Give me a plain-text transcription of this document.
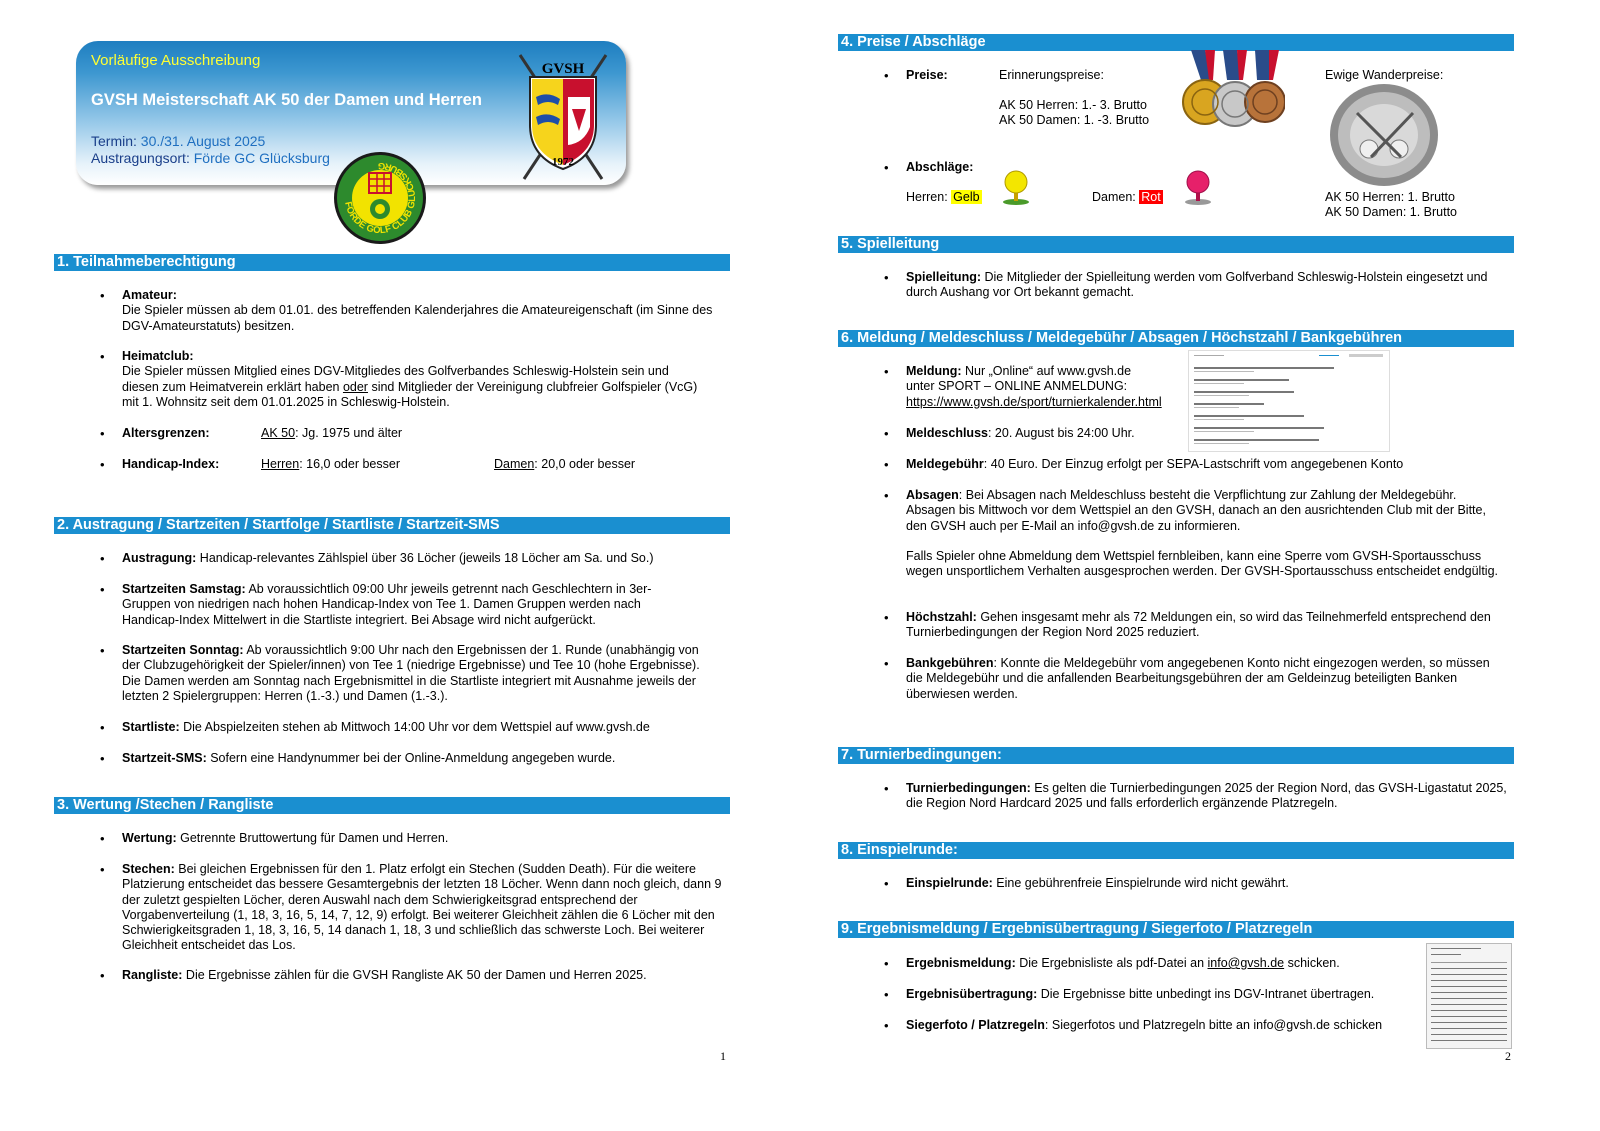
Vorläufige Ausschreibung
GVSH Meisterschaft AK 50 der Damen und Herren
Termin: 30./31. August 2025
Austragungsort: Förde GC Glücksburg
GVSH
1972
FÖRDE GOLF CLUB GLÜCKSBURG
1. Teilnahmeberechtigung
• Amateur:
Die Spieler müssen ab dem 01.01. des betreffenden Kalenderjahres die Amateureigenschaft (im Sinne des DGV-Amateurstatuts) besitzen.
• Heimatclub:
Die Spieler müssen Mitglied eines DGV-Mitgliedes des Golfverbandes Schleswig-Holstein sein und diesen zum Heimatverein erklärt haben oder sind Mitglieder der Vereinigung clubfreier Golfspieler (VcG) mit 1. Wohnsitz seit dem 01.01.2025 in Schleswig-Holstein.
• Altersgrenzen:	AK 50: Jg. 1975 und älter
• Handicap-Index:	Herren: 16,0 oder besser	Damen: 20,0 oder besser
2. Austragung / Startzeiten / Startfolge / Startliste / Startzeit-SMS
• Austragung: Handicap-relevantes Zählspiel über 36 Löcher (jeweils 18 Löcher am Sa. und So.)
• Startzeiten Samstag: Ab voraussichtlich 09:00 Uhr jeweils getrennt nach Geschlechtern in 3er-Gruppen von niedrigen nach hohen Handicap-Index von Tee 1. Damen Gruppen werden nach Handicap-Index Mittelwert in die Startliste integriert. Bei Absage wird nicht aufgerückt.
• Startzeiten Sonntag: Ab voraussichtlich 9:00 Uhr nach den Ergebnissen der 1. Runde (unabhängig von der Clubzugehörigkeit der Spieler/innen) von Tee 1 (niedrige Ergebnisse) und Tee 10 (hohe Ergebnisse). Die Damen werden am Sonntag nach Ergebnismittel in die Startliste integriert mit Ausnahme jeweils der letzten 2 Spielergruppen: Herren (1.-3.) und Damen (1.-3.).
• Startliste: Die Abspielzeiten stehen ab Mittwoch 14:00 Uhr vor dem Wettspiel auf www.gvsh.de
• Startzeit-SMS: Sofern eine Handynummer bei der Online-Anmeldung angegeben wurde.
3. Wertung /Stechen / Rangliste
• Wertung: Getrennte Bruttowertung für Damen und Herren.
• Stechen: Bei gleichen Ergebnissen für den 1. Platz erfolgt ein Stechen (Sudden Death). Für die weitere Platzierung entscheidet das bessere Gesamtergebnis der letzten 18 Löcher. Wenn dann noch gleich, dann 9 der zuletzt gespielten Löcher, deren Auswahl nach dem Schwierigkeitsgrad entsprechend der Vorgabenverteilung (1, 18, 3, 16, 5, 14, 7, 12, 9) erfolgt. Bei weiterer Gleichheit zählen die 6 Löcher mit den Schwierigkeitsgraden 1, 18, 3, 16, 5, 14 danach 1, 18, 3 und schließlich das schwerste Loch. Bei weiterer Gleichheit entscheidet das Los.
• Rangliste: Die Ergebnisse zählen für die GVSH Rangliste AK 50 der Damen und Herren 2025.
1
4. Preise / Abschläge
• Preise:	Erinnerungspreise:
AK 50 Herren: 1.- 3. Brutto
AK 50 Damen: 1. -3. Brutto
Ewige Wanderpreise:
• Abschläge:
Herren: Gelb	Damen: Rot	AK 50 Herren: 1. Brutto
AK 50 Damen: 1. Brutto
5. Spielleitung
• Spielleitung: Die Mitglieder der Spielleitung werden vom Golfverband Schleswig-Holstein eingesetzt und durch Aushang vor Ort bekannt gemacht.
6. Meldung / Meldeschluss / Meldegebühr / Absagen / Höchstzahl / Bankgebühren
• Meldung: Nur „Online“ auf www.gvsh.de
unter SPORT – ONLINE ANMELDUNG:
https://www.gvsh.de/sport/turnierkalender.html
• Meldeschluss: 20. August bis 24:00 Uhr.
• Meldegebühr: 40 Euro. Der Einzug erfolgt per SEPA-Lastschrift vom angegebenen Konto
• Absagen: Bei Absagen nach Meldeschluss besteht die Verpflichtung zur Zahlung der Meldegebühr. Absagen bis Mittwoch vor dem Wettspiel an den GVSH, danach an den ausrichtenden Club mit der Bitte, den GVSH auch per E-Mail an info@gvsh.de zu informieren.
Falls Spieler ohne Abmeldung dem Wettspiel fernbleiben, kann eine Sperre vom GVSH-Sportausschuss wegen unsportlichem Verhalten ausgesprochen werden. Der GVSH-Sportausschuss entscheidet endgültig.
• Höchstzahl: Gehen insgesamt mehr als 72 Meldungen ein, so wird das Teilnehmerfeld entsprechend den Turnierbedingungen der Region Nord 2025 reduziert.
• Bankgebühren: Konnte die Meldegebühr vom angegebenen Konto nicht eingezogen werden, so müssen die Meldegebühr und die anfallenden Bearbeitungsgebühren der am Geldeinzug beteiligten Banken überwiesen werden.
7. Turnierbedingungen:
• Turnierbedingungen: Es gelten die Turnierbedingungen 2025 der Region Nord, das GVSH-Ligastatut 2025, die Region Nord Hardcard 2025 und falls erforderlich ergänzende Platzregeln.
8. Einspielrunde:
• Einspielrunde: Eine gebührenfreie Einspielrunde wird nicht gewährt.
9. Ergebnismeldung / Ergebnisübertragung / Siegerfoto / Platzregeln
• Ergebnismeldung: Die Ergebnisliste als pdf-Datei an info@gvsh.de schicken.
• Ergebnisübertragung: Die Ergebnisse bitte unbedingt ins DGV-Intranet übertragen.
• Siegerfoto / Platzregeln: Siegerfotos und Platzregeln bitte an info@gvsh.de schicken
2
